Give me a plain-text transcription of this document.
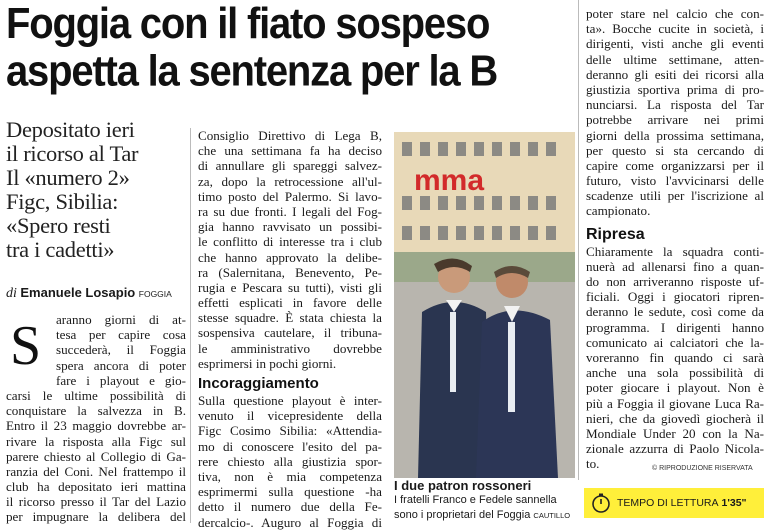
Foggia con il fiato sospeso
aspetta la sentenza per la B
Depositato ieri
il ricorso al Tar
Il «numero 2»
Figc, Sibilia:
«Spero resti
tra i cadetti»
di Emanuele Losapio FOGGIA
S aranno giorni di at-
tesa per capire cosa
succederà, il Foggia
spera ancora di poter
fare i playout e gio-
carsi le ultime possibilità di
conquistare la salvezza in B.
Entro il 23 maggio dovrebbe ar-
rivare la risposta alla Figc sul
parere chiesto al Collegio di Ga-
ranzia del Coni. Nel frattempo il
club ha depositato ieri mattina
il ricorso presso il Tar del Lazio
per impugnare la delibera del
Consiglio Direttivo di Lega B,
che una settimana fa ha deciso
di annullare gli spareggi salvez-
za, dopo la retrocessione all'ul-
timo posto del Palermo. Si lavo-
ra su due fronti. I legali del Fog-
gia hanno ravvisato un possibi-
le conflitto di interesse tra i club
che hanno approvato la delibe-
ra (Salernitana, Benevento, Pe-
rugia e Pescara su tutti), visti gli
effetti esplicati in favore delle
stesse squadre. È stata chiesta la
sospensiva cautelare, il tribuna-
le amministrativo dovrebbe
esprimersi in pochi giorni.
Incoraggiamento
Sulla questione playout è inter-
venuto il vicepresidente della
Figc Cosimo Sibilia: «Attendia-
mo di conoscere l'esito del pa-
rere chiesto alla giustizia spor-
tiva, non è mia competenza
esprimermi sulla questione -ha
detto il numero due della Fe-
dercalcio-. Auguro al Foggia di
mma
I due patron rossoneri
I fratelli Franco e Fedele sannella
sono i proprietari del Foggia CAUTILLO
poter stare nel calcio che con-
ta». Bocche cucite in società, i
dirigenti, visti anche gli eventi
delle ultime settimane, atten-
deranno gli esiti dei ricorsi alla
giustizia sportiva prima di pro-
nunciarsi. La risposta del Tar
potrebbe arrivare nei primi
giorni della prossima settimana,
per questo si sta cercando di
capire come organizzarsi per il
futuro, visto l'avvicinarsi delle
scadenze utili per l'iscrizione al
campionato.
Ripresa
Chiaramente la squadra conti-
nuerà ad allenarsi fino a quan-
do non arriveranno risposte uf-
ficiali. Oggi i giocatori ripren-
deranno le sedute, così come da
programma. I dirigenti hanno
comunicato ai calciatori che la-
voreranno fin quando ci sarà
anche una sola possibilità di
poter giocare i playout. Non è
più a Foggia il giovane Luca Ra-
nieri, che da giovedì giocherà il
Mondiale Under 20 con la Na-
zionale azzurra di Paolo Nicola-
to.	© RIPRODUZIONE RISERVATA
TEMPO DI LETTURA 1'35"
